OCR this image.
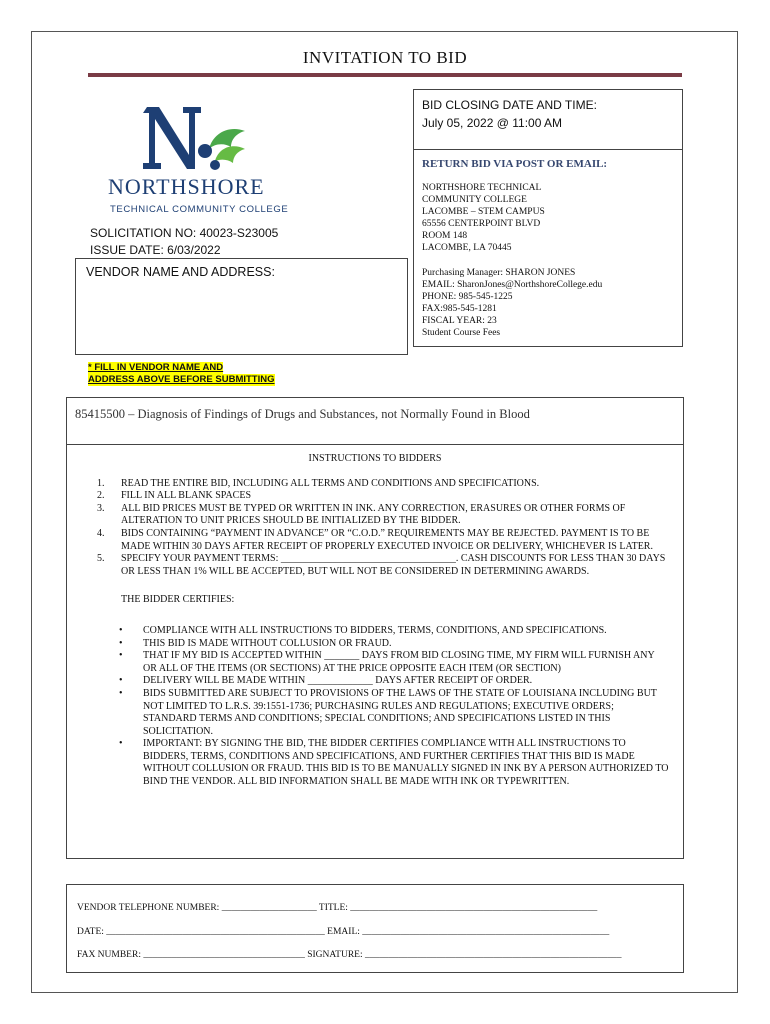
INVITATION TO BID
NORTHSHORE
TECHNICAL COMMUNITY COLLEGE
SOLICITATION NO: 40023-S23005
ISSUE DATE: 6/03/2022
VENDOR NAME AND ADDRESS:
BID CLOSING DATE AND TIME:
July 05, 2022 @ 11:00 AM
RETURN BID VIA POST OR EMAIL:
NORTHSHORE TECHNICAL
COMMUNITY COLLEGE
LACOMBE – STEM CAMPUS
65556 CENTERPOINT BLVD
ROOM 148
LACOMBE, LA 70445
Purchasing Manager: SHARON JONES
EMAIL: SharonJones@NorthshoreCollege.edu
PHONE: 985-545-1225
FAX:985-545-1281
FISCAL YEAR: 23
Student Course Fees
* FILL IN VENDOR NAME AND
ADDRESS ABOVE BEFORE SUBMITTING
85415500 – Diagnosis of Findings of Drugs and Substances, not Normally Found in Blood
INSTRUCTIONS TO BIDDERS
1. READ THE ENTIRE BID, INCLUDING ALL TERMS AND CONDITIONS AND SPECIFICATIONS.
2. FILL IN ALL BLANK SPACES
3. ALL BID PRICES MUST BE TYPED OR WRITTEN IN INK. ANY CORRECTION, ERASURES OR OTHER FORMS OF ALTERATION TO UNIT PRICES SHOULD BE INITIALIZED BY THE BIDDER.
4. BIDS CONTAINING “PAYMENT IN ADVANCE” OR “C.O.D.” REQUIREMENTS MAY BE REJECTED. PAYMENT IS TO BE MADE WITHIN 30 DAYS AFTER RECEIPT OF PROPERLY EXECUTED INVOICE OR DELIVERY, WHICHEVER IS LATER.
5. SPECIFY YOUR PAYMENT TERMS: ___________________________________. CASH DISCOUNTS FOR LESS THAN 30 DAYS OR LESS THAN 1% WILL BE ACCEPTED, BUT WILL NOT BE CONSIDERED IN DETERMINING AWARDS.
THE BIDDER CERTIFIES:
• COMPLIANCE WITH ALL INSTRUCTIONS TO BIDDERS, TERMS, CONDITIONS, AND SPECIFICATIONS.
• THIS BID IS MADE WITHOUT COLLUSION OR FRAUD.
• THAT IF MY BID IS ACCEPTED WITHIN _______ DAYS FROM BID CLOSING TIME, MY FIRM WILL FURNISH ANY OR ALL OF THE ITEMS (OR SECTIONS) AT THE PRICE OPPOSITE EACH ITEM (OR SECTION)
• DELIVERY WILL BE MADE WITHIN _____________ DAYS AFTER RECEIPT OF ORDER.
• BIDS SUBMITTED ARE SUBJECT TO PROVISIONS OF THE LAWS OF THE STATE OF LOUISIANA INCLUDING BUT NOT LIMITED TO L.R.S. 39:1551-1736; PURCHASING RULES AND REGULATIONS; EXECUTIVE ORDERS; STANDARD TERMS AND CONDITIONS; SPECIAL CONDITIONS; AND SPECIFICATIONS LISTED IN THIS SOLICITATION.
• IMPORTANT: BY SIGNING THE BID, THE BIDDER CERTIFIES COMPLIANCE WITH ALL INSTRUCTIONS TO BIDDERS, TERMS, CONDITIONS AND SPECIFICATIONS, AND FURTHER CERTIFIES THAT THIS BID IS MADE WITHOUT COLLUSION OR FRAUD. THIS BID IS TO BE MANUALLY SIGNED IN INK BY A PERSON AUTHORIZED TO BIND THE VENDOR. ALL BID INFORMATION SHALL BE MADE WITH INK OR TYPEWRITTEN.
VENDOR TELEPHONE NUMBER: ____________________ TITLE: ____________________________________________________
DATE: ______________________________________________ EMAIL: ____________________________________________________
FAX NUMBER: __________________________________ SIGNATURE: ______________________________________________________
